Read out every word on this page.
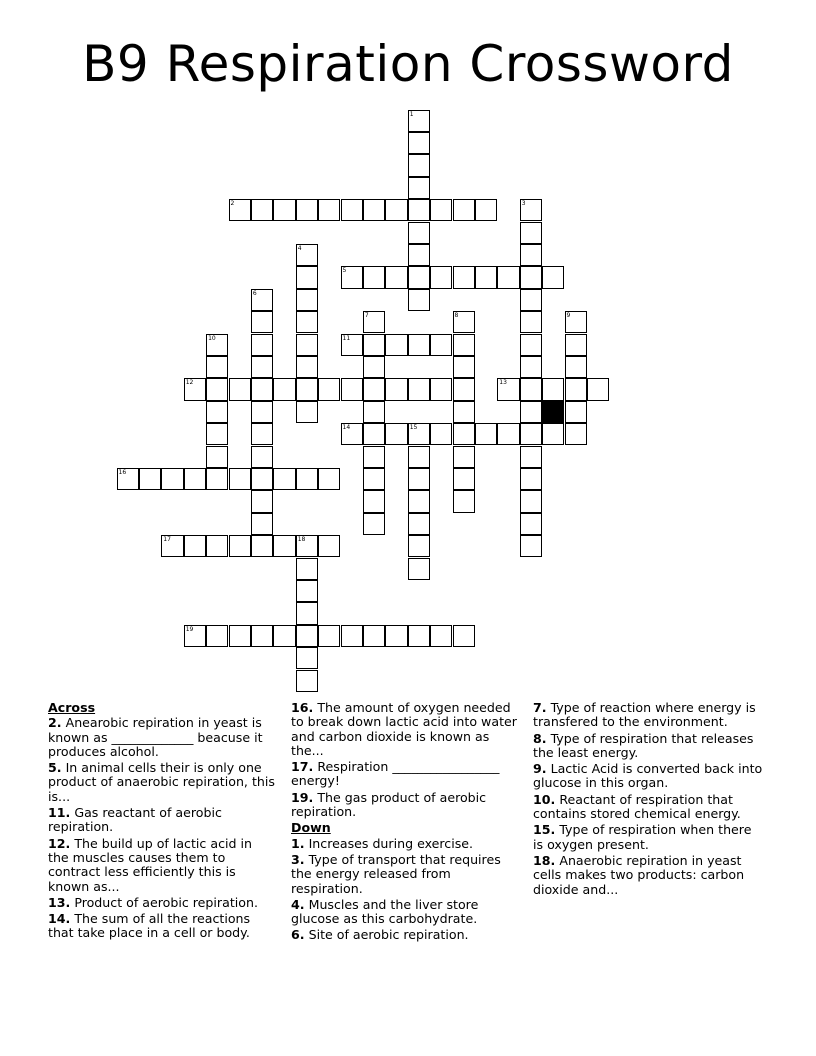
B9 Respiration Crossword
1
2	3
4
5
6
7	8	9
10	11
12	13
14	15
16
17	18
19
Across
2. Anearobic repiration in yeast is known as _____________ beacuse it produces alcohol.
5. In animal cells their is only one product of anaerobic repiration, this is...
11. Gas reactant of aerobic repiration.
12. The build up of lactic acid in the muscles causes them to contract less efficiently this is known as...
13. Product of aerobic repiration.
14. The sum of all the reactions that take place in a cell or body.
16. The amount of oxygen needed to break down lactic acid into water and carbon dioxide is known as the...
17. Respiration _________________ energy!
19. The gas product of aerobic repiration.
Down
1. Increases during exercise.
3. Type of transport that requires the energy released from respiration.
4. Muscles and the liver store glucose as this carbohydrate.
6. Site of aerobic repiration.
7. Type of reaction where energy is transfered to the environment.
8. Type of respiration that releases the least energy.
9. Lactic Acid is converted back into glucose in this organ.
10. Reactant of respiration that contains stored chemical energy.
15. Type of respiration when there is oxygen present.
18. Anaerobic repiration in yeast cells makes two products: carbon dioxide and...
